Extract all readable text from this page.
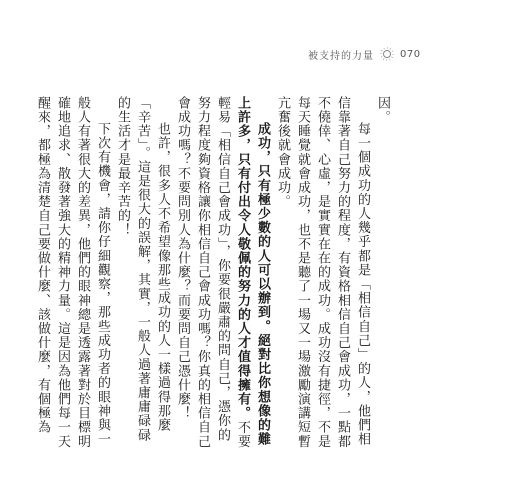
被支持的力量	070

因。

每一個成功的人幾乎都是「相信自己」的人，他們相信靠著自己努力的程度，有資格相信自己會成功，一點都不僥倖、心虛，是實實在在的成功。成功沒有捷徑，不是每天睡覺就會成功，也不是聽了一場又一場激勵演講短暫亢奮後就會成功。

成功，只有極少數的人可以辦到。絕對比你想像的難上許多，只有付出令人敬佩的努力的人才值得擁有。不要輕易「相信自己會成功」，你要很嚴肅的問自己，憑你的努力程度夠資格讓你相信自己會成功嗎？你真的相信自己會成功嗎？不要問別人為什麼？而要問自己憑什麼！

也許，很多人不希望像那些成功的人一樣過得那麼「辛苦」。這是很大的誤解，其實，一般人過著庸庸碌碌的生活才是最辛苦的！

下次有機會，請你仔細觀察，那些成功者的眼神與一般人有著很大的差異，他們的眼神總是透露著對於目標明確地追求、散發著強大的精神力量。這是因為他們每一天醒來，都極為清楚自己要做什麼、該做什麼，有個極為
